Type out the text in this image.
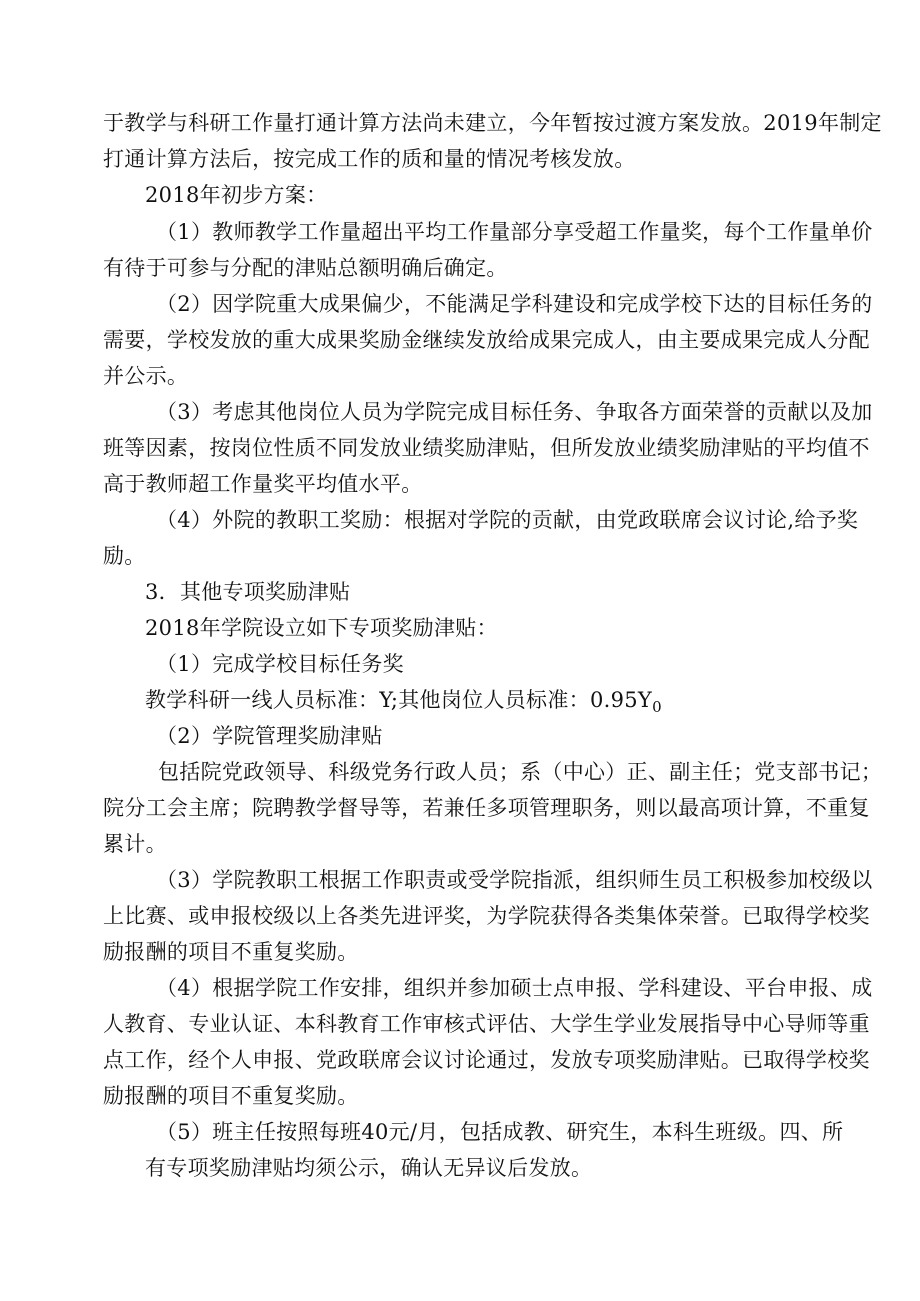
于教学与科研工作量打通计算方法尚未建立，今年暂按过渡方案发放。2019年制定
打通计算方法后，按完成工作的质和量的情况考核发放。
2018年初步方案：
（1）教师教学工作量超出平均工作量部分享受超工作量奖，每个工作量单价
有待于可参与分配的津贴总额明确后确定。
（2）因学院重大成果偏少，不能满足学科建设和完成学校下达的目标任务的
需要，学校发放的重大成果奖励金继续发放给成果完成人，由主要成果完成人分配
并公示。
（3）考虑其他岗位人员为学院完成目标任务、争取各方面荣誉的贡献以及加
班等因素，按岗位性质不同发放业绩奖励津贴，但所发放业绩奖励津贴的平均值不
高于教师超工作量奖平均值水平。
（4）外院的教职工奖励：根据对学院的贡献，由党政联席会议讨论,给予奖
励。
3．其他专项奖励津贴
2018年学院设立如下专项奖励津贴：
（1）完成学校目标任务奖
教学科研一线人员标准：Y;其他岗位人员标准：$0.95Y_0$
（2）学院管理奖励津贴
包括院党政领导、科级党务行政人员；系（中心）正、副主任；党支部书记；
院分工会主席；院聘教学督导等，若兼任多项管理职务，则以最高项计算，不重复
累计。
（3）学院教职工根据工作职责或受学院指派，组织师生员工积极参加校级以
上比赛、或申报校级以上各类先进评奖，为学院获得各类集体荣誉。已取得学校奖
励报酬的项目不重复奖励。
（4）根据学院工作安排，组织并参加硕士点申报、学科建设、平台申报、成
人教育、专业认证、本科教育工作审核式评估、大学生学业发展指导中心导师等重
点工作，经个人申报、党政联席会议讨论通过，发放专项奖励津贴。已取得学校奖
励报酬的项目不重复奖励。
（5）班主任按照每班40元/月，包括成教、研究生，本科生班级。四、所
有专项奖励津贴均须公示，确认无异议后发放。
